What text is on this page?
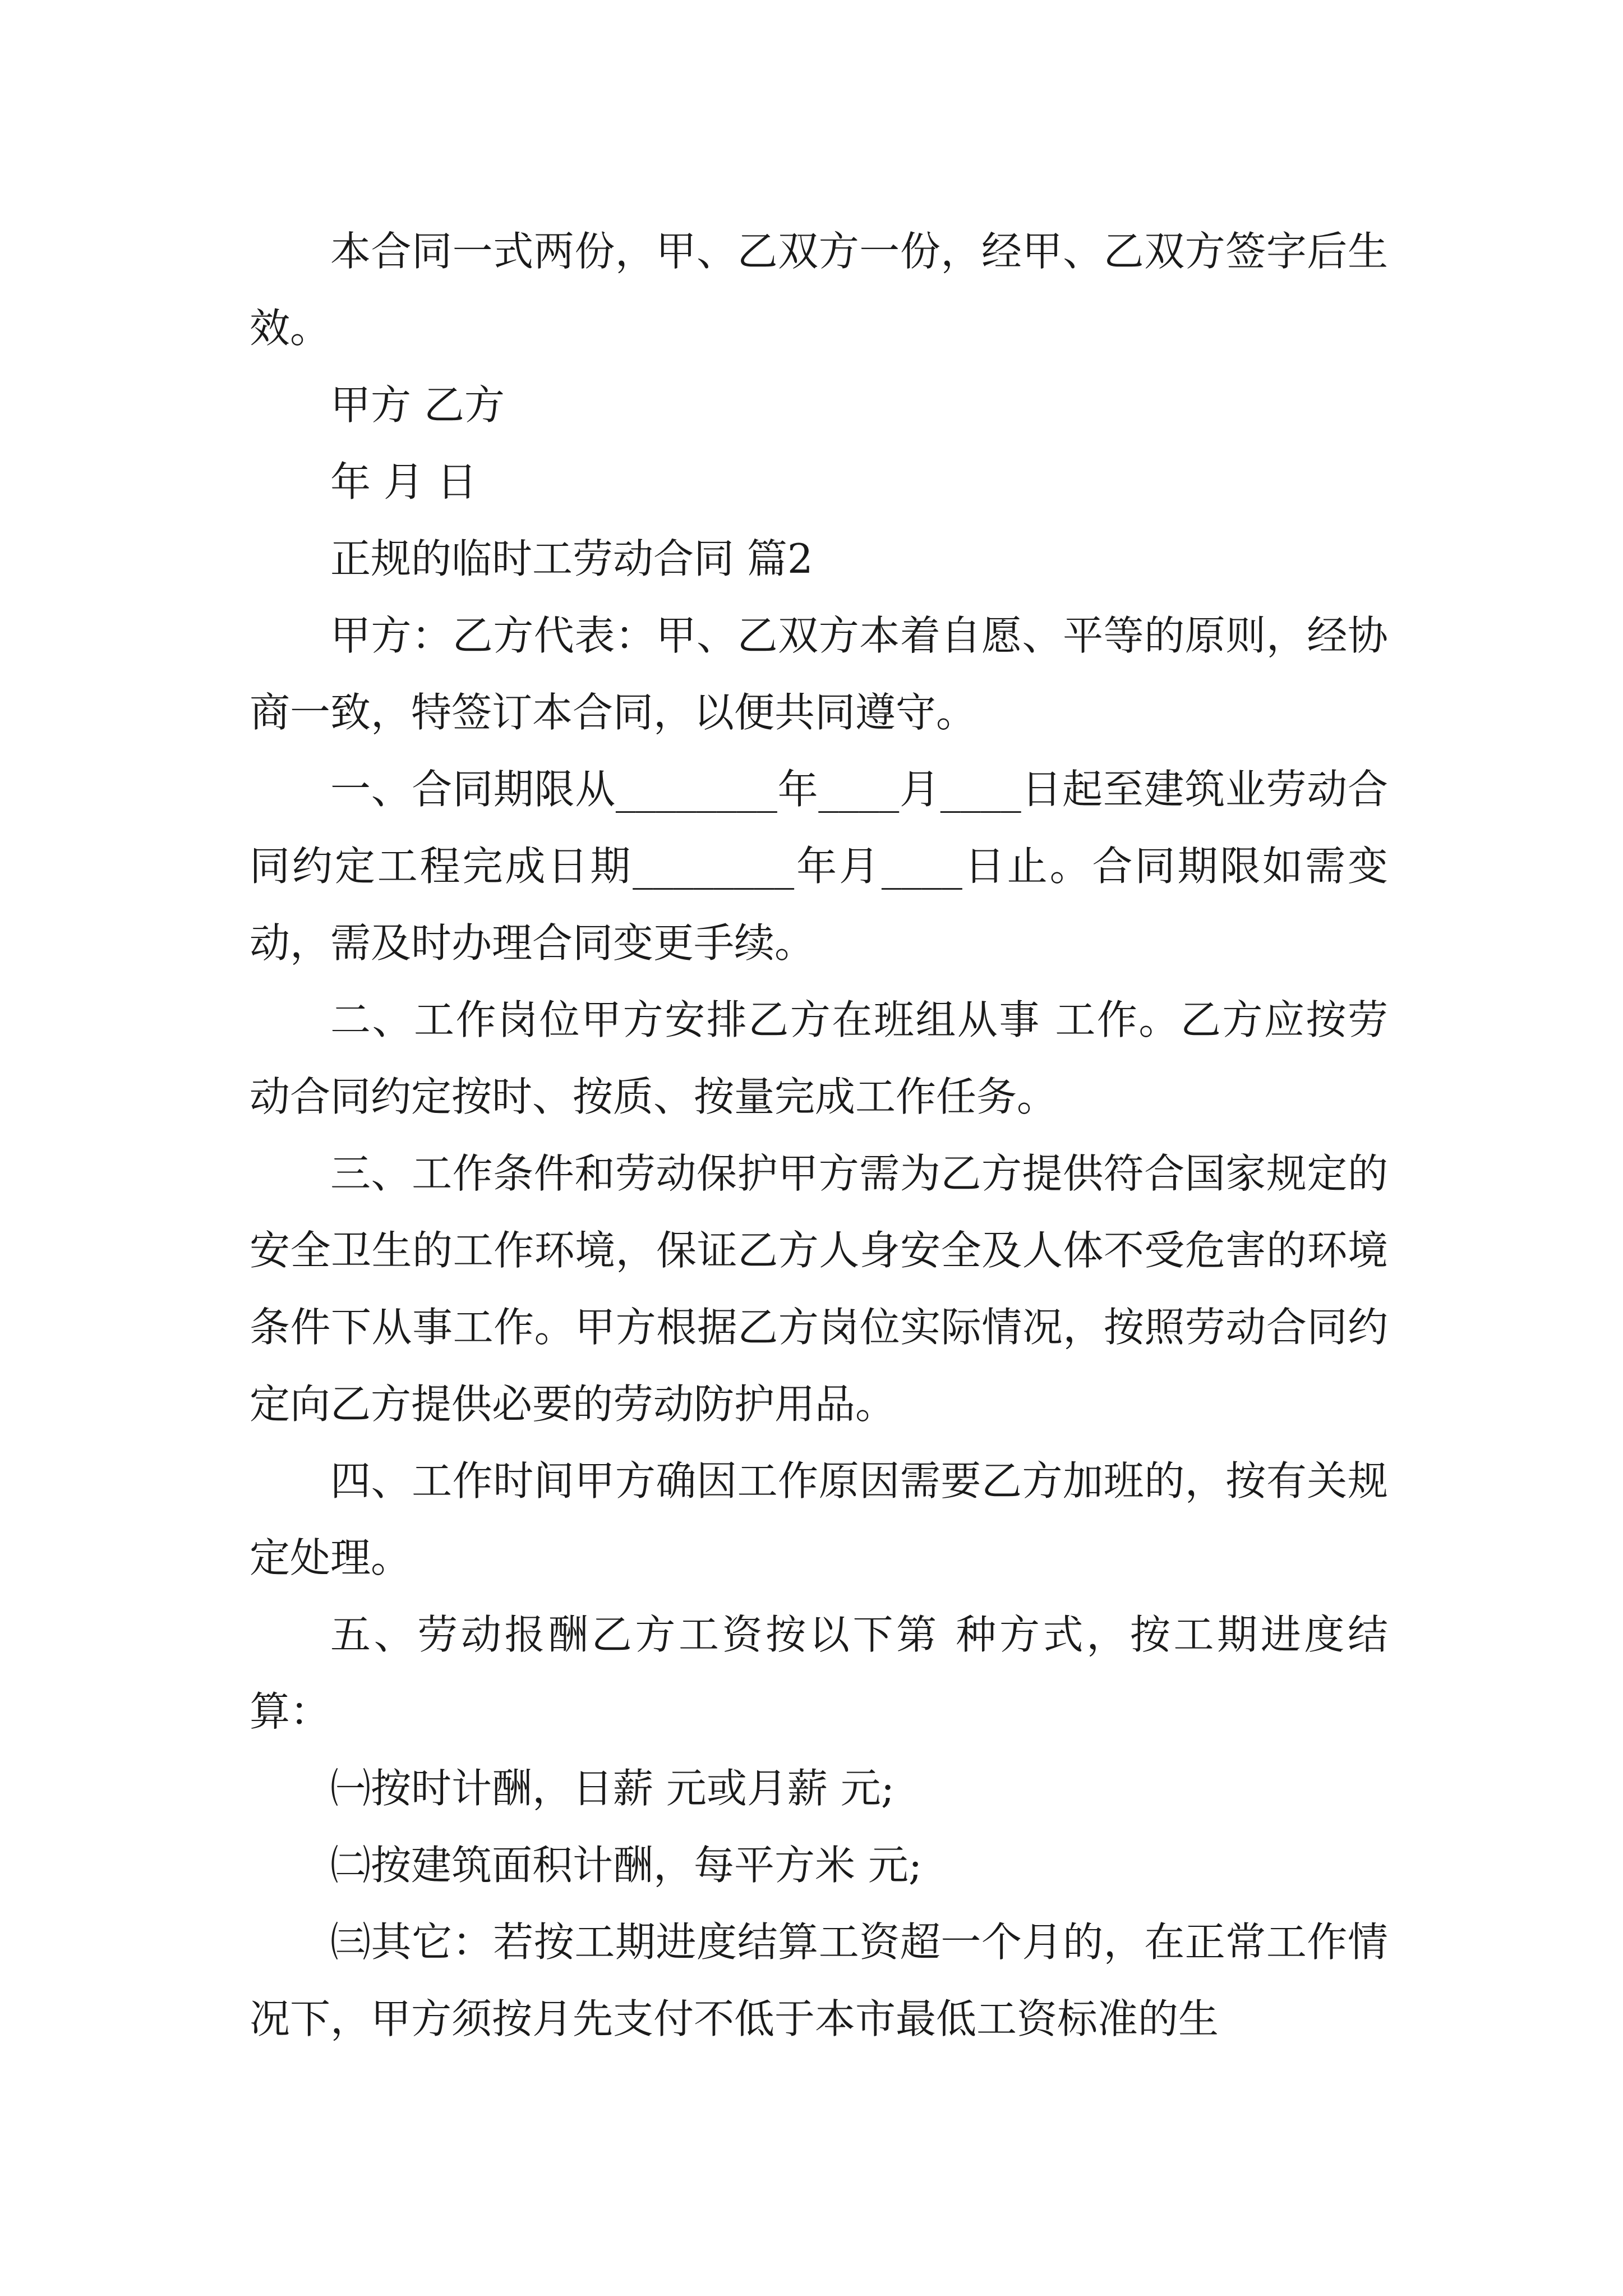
本合同一式两份，甲、乙双方一份，经甲、乙双方签字后生效。

甲方 乙方

年 月 日

正规的临时工劳动合同 篇2

甲方：乙方代表：甲、乙双方本着自愿、平等的原则，经协商一致，特签订本合同，以便共同遵守。

一、合同期限从________年____月____日起至建筑业劳动合同约定工程完成日期________年月____日止。合同期限如需变动，需及时办理合同变更手续。

二、工作岗位甲方安排乙方在班组从事 工作。乙方应按劳动合同约定按时、按质、按量完成工作任务。

三、工作条件和劳动保护甲方需为乙方提供符合国家规定的安全卫生的工作环境，保证乙方人身安全及人体不受危害的环境条件下从事工作。甲方根据乙方岗位实际情况，按照劳动合同约定向乙方提供必要的劳动防护用品。

四、工作时间甲方确因工作原因需要乙方加班的，按有关规定处理。

五、劳动报酬乙方工资按以下第 种方式，按工期进度结算：

㈠按时计酬，日薪 元或月薪 元;

㈡按建筑面积计酬，每平方米 元;

㈢其它：若按工期进度结算工资超一个月的，在正常工作情况下，甲方须按月先支付不低于本市最低工资标准的生
